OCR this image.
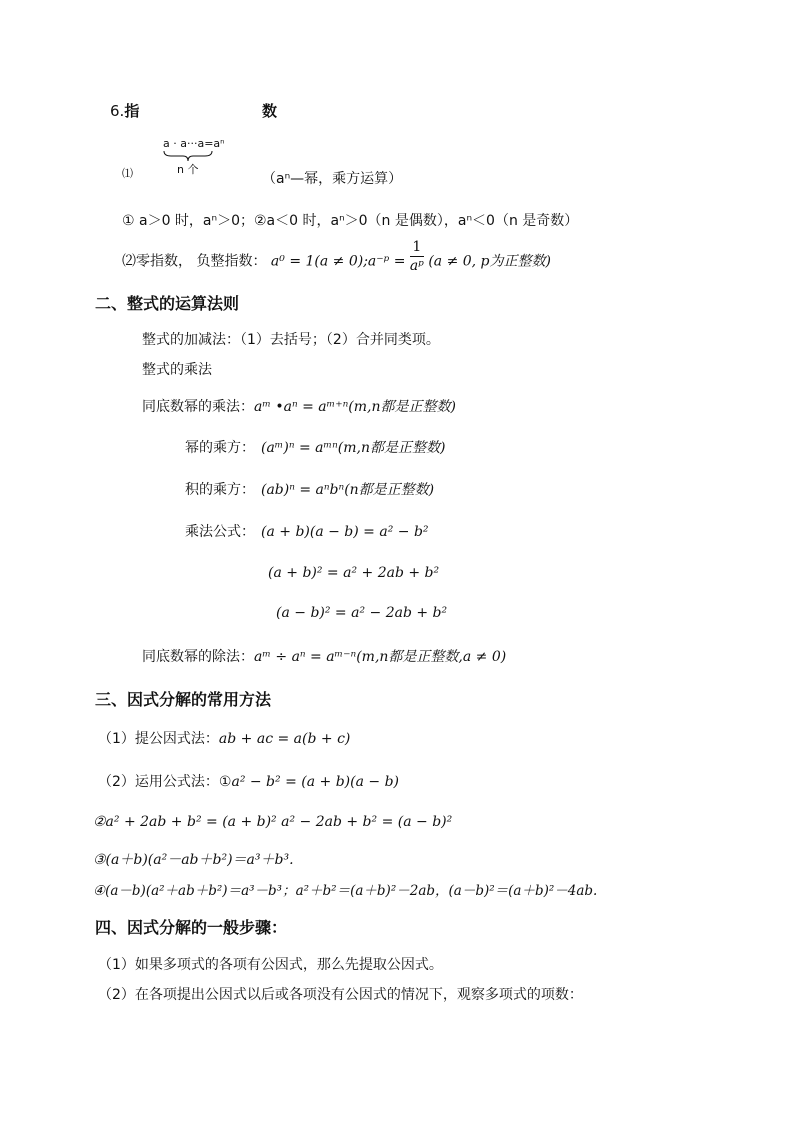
6.指	数
a · a···a=aⁿ
n 个
⑴	（aⁿ—幂，乘方运算）
① a＞0 时，aⁿ＞0；②a＜0 时，aⁿ＞0（n 是偶数），aⁿ＜0（n 是奇数）
⑵零指数， 负整指数： a⁰ = 1(a ≠ 0);a⁻ᵖ = $\frac{1}{\text{aᵖ}} (a \ne 0$, p为正整数)
二、整式的运算法则
整式的加减法：（1）去括号；（2）合并同类项。
整式的乘法
同底数幂的乘法：aᵐ •aⁿ = aᵐ⁺ⁿ(m,n都是正整数)
幂的乘方： (aᵐ)ⁿ = aᵐⁿ(m,n都是正整数)
积的乘方： (ab)ⁿ = aⁿbⁿ(n都是正整数)
乘法公式： (a + b)(a − b) = a² − b²
(a + b)² = a² + 2ab + b²
(a − b)² = a² − 2ab + b²
同底数幂的除法：aᵐ ÷ aⁿ = aᵐ⁻ⁿ(m,n都是正整数,a ≠ 0)
三、因式分解的常用方法
（1）提公因式法：ab + ac = a(b + c)
（2）运用公式法：①a² − b² = (a + b)(a − b)
②a² + 2ab + b² = (a + b)² a² − 2ab + b² = (a − b)²
③(a＋b)(a²－ab＋b²)＝a³＋b³.
④(a－b)(a²＋ab＋b²)＝a³－b³；a²＋b²＝(a＋b)²－2ab，(a－b)²＝(a＋b)²－4ab.
四、因式分解的一般步骤：
（1）如果多项式的各项有公因式，那么先提取公因式。
（2）在各项提出公因式以后或各项没有公因式的情况下，观察多项式的项数：
